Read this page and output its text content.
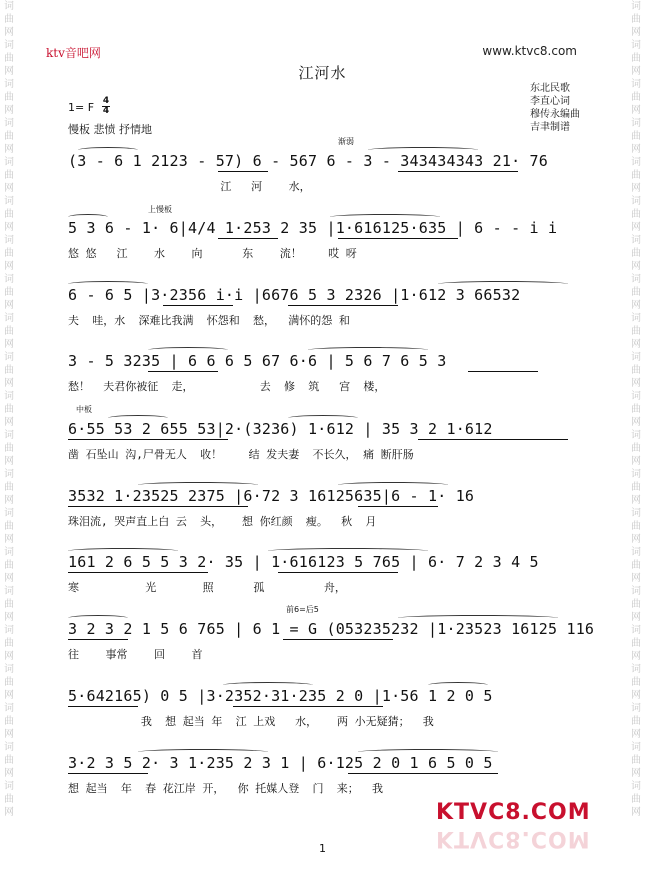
词曲网词曲网词曲网词曲网词曲网词曲网词曲网词曲网词曲网词曲网词曲网词曲网词曲网词曲网词曲网词曲网词曲网词曲网词曲网词曲网词曲网
词曲网词曲网词曲网词曲网词曲网词曲网词曲网词曲网词曲网词曲网词曲网词曲网词曲网词曲网词曲网词曲网词曲网词曲网词曲网词曲网词曲网
ktv音吧网	www.ktvc8.com
江河水
东北民歌
李直心词
穆传永编曲
吉聿制谱
1= F 4
4
慢板 悲愤 抒情地
渐弱
上慢板
中板
前6=后5
(3 - 6 1 2123 - 57) 6 - 567 6 - 3 - 343434343 21· 76
江   河    水，
5 3 6 - 1· 6|4/4 1·253 2 35 |1·616125·635 | 6 - - i i
悠 悠   江    水    向      东    流！    哎 呀
6 - 6 5 |3·2356 i·i |6676 5 3 2326 |1·612 3 66532
夫  哇，水  深难比我满  怀怨和  愁，  满怀的怨 和
3 - 5 3235 | 6 6 6 5 67 6·6 | 5 6 7 6 5 3
愁！  夫君你被征  走，          去  修  筑   宫  楼，
6·55 53 2 655 53|2·(3236) 1·612 | 35 3 2 1·612
凿 石坠山 沟,尸骨无人  收！    结 发夫妻  不长久， 痛 断肝肠
3532 1·23525 2375 |6·72 3 16125635|6 - 1· 16
珠泪流, 哭声直上白 云  头，   想 你红颜  瘦。  秋  月
161 2 6 5 5 3 2· 35 | 1·616123 5 765 | 6· 7 2 3 4 5
寒          光       照      孤         舟，
3 2 3 2 1 5 6 765 | 6 1 = G (053235232 |1·23523 16125 116
往    事常    回    首
5·642165) 0 5 |3·2352·31·235 2 0 |1·56 1 2 0 5
我  想 起当 年  江 上戏   水，   两 小无疑猜；  我
3·2 3 5 2· 3 1·235 2 3 1 | 6·125 2 0 1 6 5 0 5
想 起当  年  春 花江岸 开，  你 托媒人登  门  来；  我
KTVC8.COM
KTVC8.COM
1
